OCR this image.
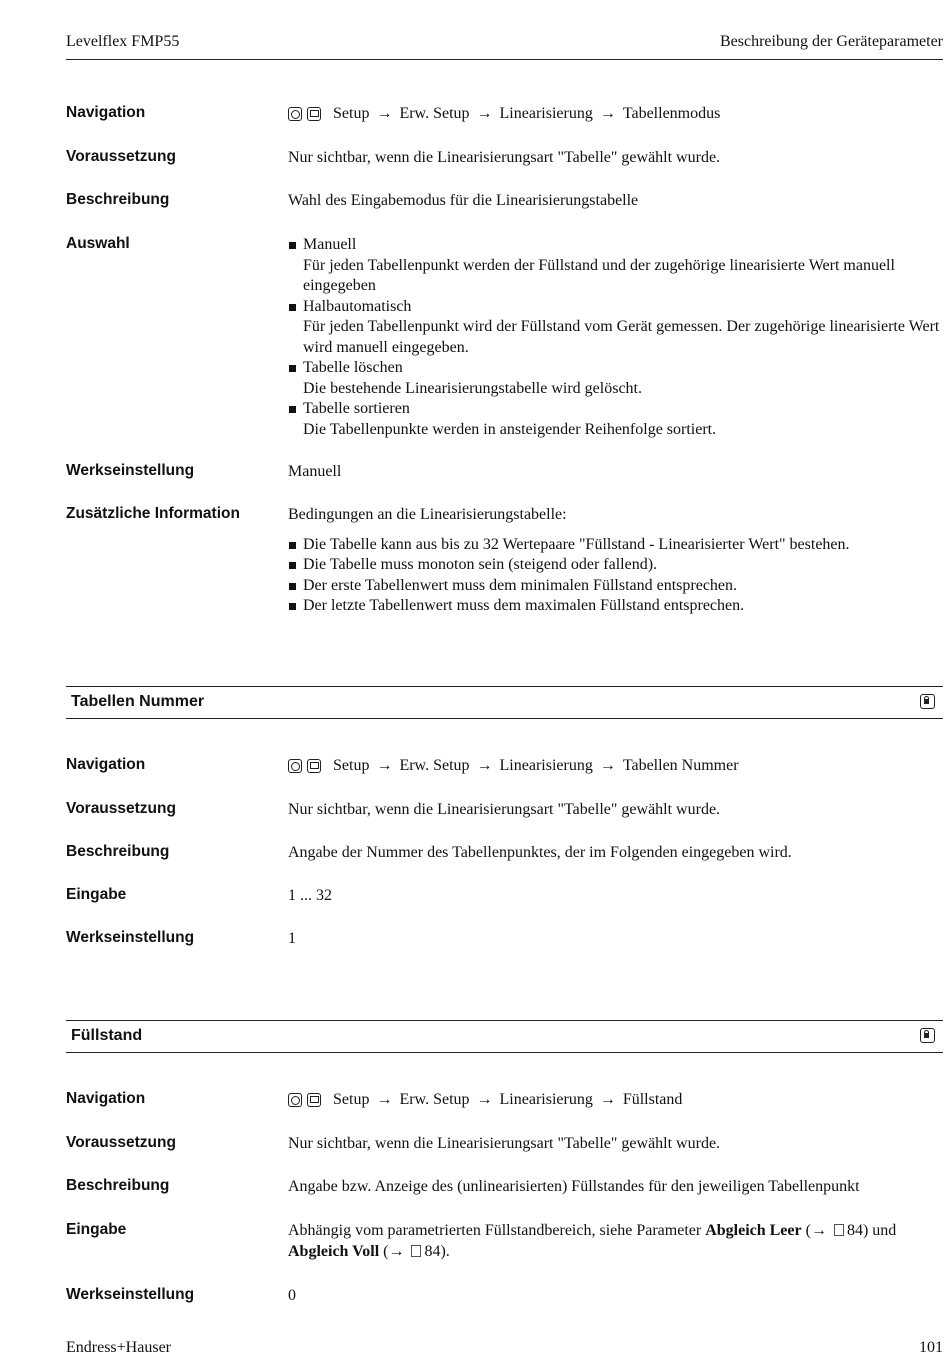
Levelflex FMP55	Beschreibung der Geräteparameter
Navigation	Setup → Erw. Setup → Linearisierung → Tabellenmodus
Voraussetzung	Nur sichtbar, wenn die Linearisierungsart "Tabelle" gewählt wurde.
Beschreibung	Wahl des Eingabemodus für die Linearisierungstabelle
Auswahl	Manuell
Für jeden Tabellenpunkt werden der Füllstand und der zugehörige linearisierte Wert manuell eingegeben
Halbautomatisch
Für jeden Tabellenpunkt wird der Füllstand vom Gerät gemessen. Der zugehörige linearisierte Wert wird manuell eingegeben.
Tabelle löschen
Die bestehende Linearisierungstabelle wird gelöscht.
Tabelle sortieren
Die Tabellenpunkte werden in ansteigender Reihenfolge sortiert.
Werkseinstellung	Manuell
Zusätzliche Information	Bedingungen an die Linearisierungstabelle:
Die Tabelle kann aus bis zu 32 Wertepaare "Füllstand - Linearisierter Wert" bestehen.
Die Tabelle muss monoton sein (steigend oder fallend).
Der erste Tabellenwert muss dem minimalen Füllstand entsprechen.
Der letzte Tabellenwert muss dem maximalen Füllstand entsprechen.
Tabellen Nummer
Navigation	Setup → Erw. Setup → Linearisierung → Tabellen Nummer
Voraussetzung	Nur sichtbar, wenn die Linearisierungsart "Tabelle" gewählt wurde.
Beschreibung	Angabe der Nummer des Tabellenpunktes, der im Folgenden eingegeben wird.
Eingabe	1 ... 32
Werkseinstellung	1
Füllstand
Navigation	Setup → Erw. Setup → Linearisierung → Füllstand
Voraussetzung	Nur sichtbar, wenn die Linearisierungsart "Tabelle" gewählt wurde.
Beschreibung	Angabe bzw. Anzeige des (unlinearisierten) Füllstandes für den jeweiligen Tabellenpunkt
Eingabe	Abhängig vom parametrierten Füllstandbereich, siehe Parameter Abgleich Leer (→ 84) und Abgleich Voll (→ 84).
Werkseinstellung	0
Endress+Hauser	101
